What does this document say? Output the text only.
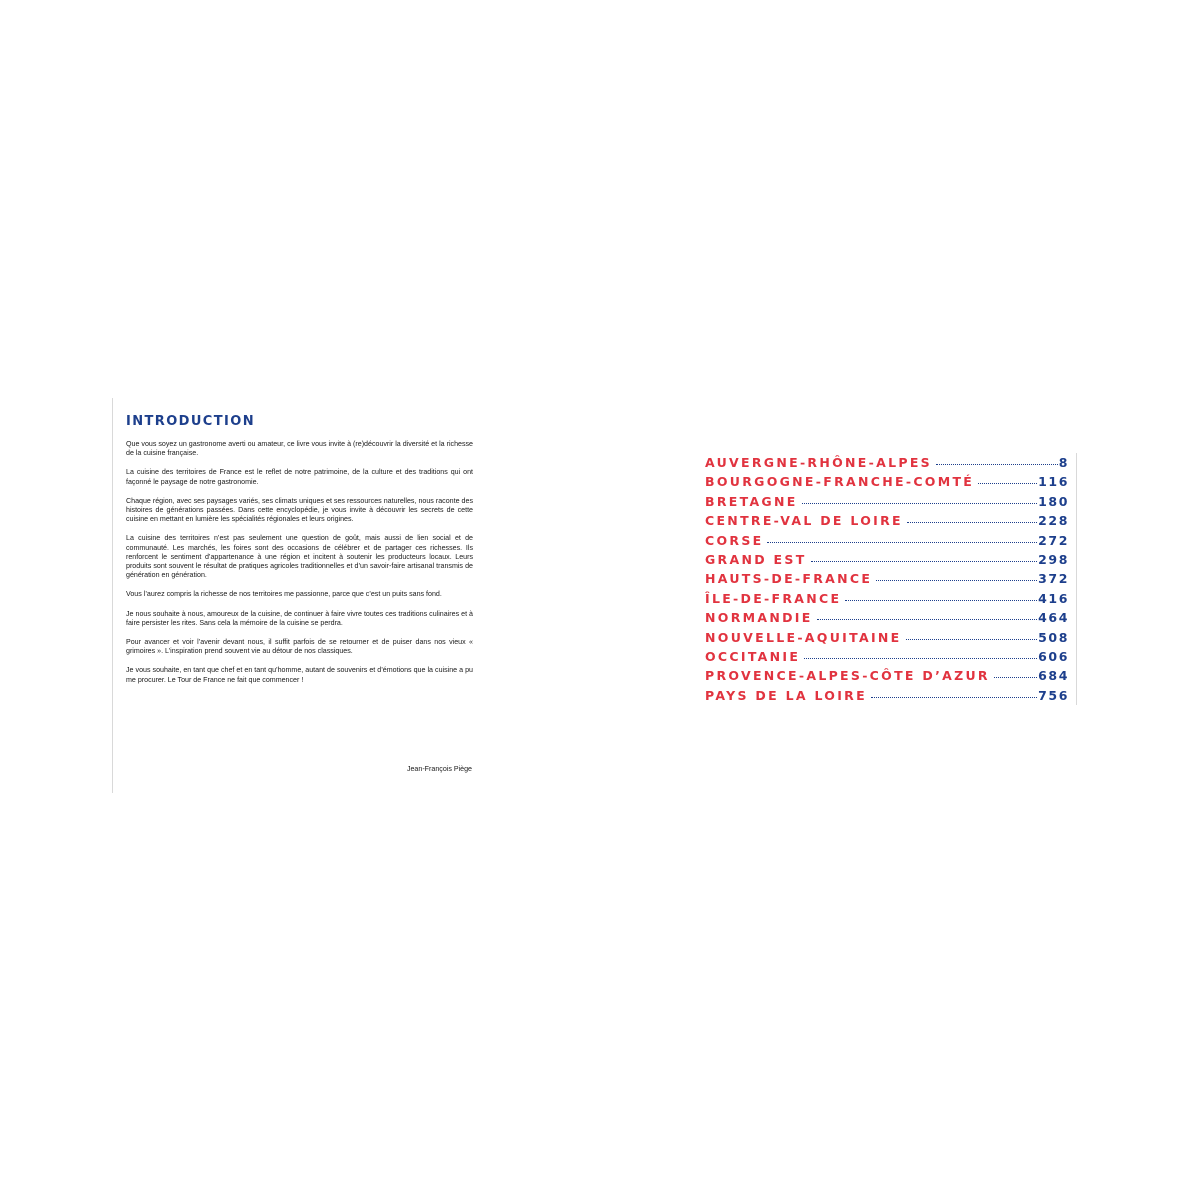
INTRODUCTION

Que vous soyez un gastronome averti ou amateur, ce livre vous invite à (re)découvrir la diversité et la richesse de la cuisine française.

La cuisine des territoires de France est le reflet de notre patrimoine, de la culture et des traditions qui ont façonné le paysage de notre gastronomie.

Chaque région, avec ses paysages variés, ses climats uniques et ses ressources naturelles, nous raconte des histoires de générations passées. Dans cette encyclopédie, je vous invite à découvrir les secrets de cette cuisine en mettant en lumière les spécialités régionales et leurs origines.

La cuisine des territoires n’est pas seulement une question de goût, mais aussi de lien social et de communauté. Les marchés, les foires sont des occasions de célébrer et de partager ces richesses. Ils renforcent le sentiment d’appartenance à une région et incitent à soutenir les producteurs locaux. Leurs produits sont souvent le résultat de pratiques agricoles traditionnelles et d’un savoir-faire artisanal transmis de génération en génération.

Vous l’aurez compris la richesse de nos territoires me passionne, parce que c’est un puits sans fond.

Je nous souhaite à nous, amoureux de la cuisine, de continuer à faire vivre toutes ces traditions culinaires et à faire persister les rites. Sans cela la mémoire de la cuisine se perdra.

Pour avancer et voir l’avenir devant nous, il suffit parfois de se retourner et de puiser dans nos vieux « grimoires ». L’inspiration prend souvent vie au détour de nos classiques.

Je vous souhaite, en tant que chef et en tant qu’homme, autant de souvenirs et d’émotions que la cuisine a pu me procurer. Le Tour de France ne fait que commencer !

Jean-François Piège

AUVERGNE-RHÔNE-ALPES	8
BOURGOGNE-FRANCHE-COMTÉ	116
BRETAGNE	180
CENTRE-VAL DE LOIRE	228
CORSE	272
GRAND EST	298
HAUTS-DE-FRANCE	372
ÎLE-DE-FRANCE	416
NORMANDIE	464
NOUVELLE-AQUITAINE	508
OCCITANIE	606
PROVENCE-ALPES-CÔTE D’AZUR	684
PAYS DE LA LOIRE	756
